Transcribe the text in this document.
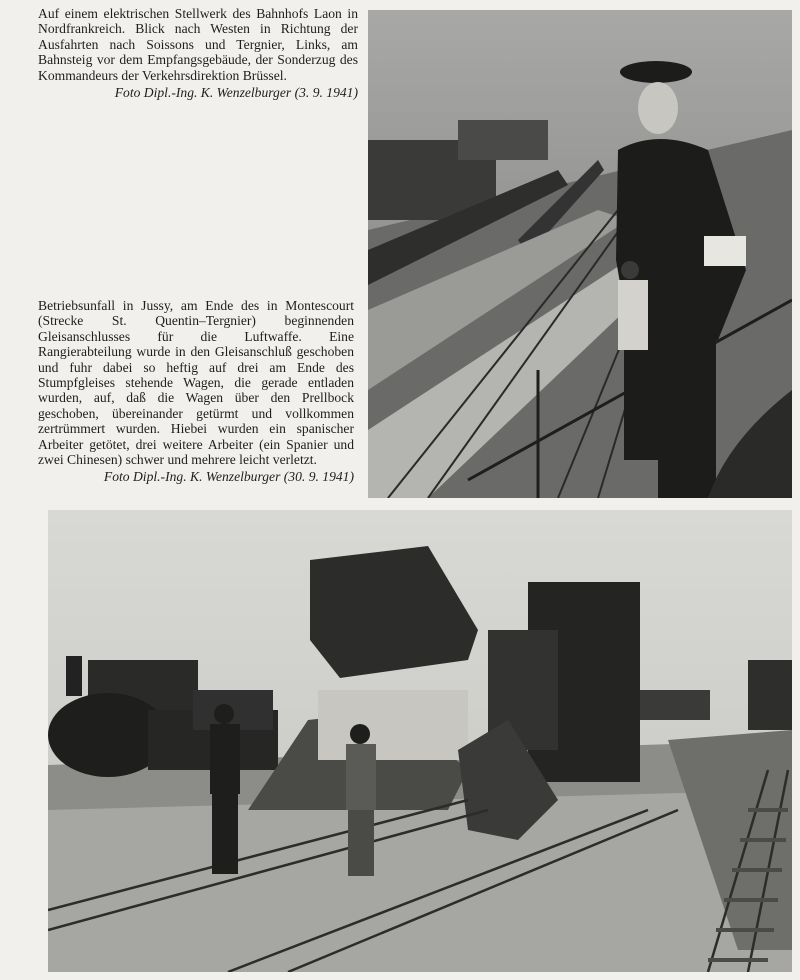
Auf einem elektrischen Stellwerk des Bahnhofs Laon in Nordfrankreich. Blick nach Westen in Richtung der Ausfahrten nach Soissons und Tergnier, Links, am Bahnsteig vor dem Empfangsgebäude, der Sonderzug des Kommandeurs der Verkehrsdirektion Brüssel.

Foto Dipl.-Ing. K. Wenzelburger (3. 9. 1941)

Betriebsunfall in Jussy, am Ende des in Montescourt (Strecke St. Quentin–Tergnier) beginnenden Gleisanschlusses für die Luftwaffe. Eine Rangierabteilung wurde in den Gleisanschluß geschoben und fuhr dabei so heftig auf drei am Ende des Stumpfgleises stehende Wagen, die gerade entladen wurden, auf, daß die Wagen über den Prellbock geschoben, übereinander getürmt und vollkommen zertrümmert wurden. Hiebei wurden ein spanischer Arbeiter getötet, drei weitere Arbeiter (ein Spanier und zwei Chinesen) schwer und mehrere leicht verletzt.

Foto Dipl.-Ing. K. Wenzelburger (30. 9. 1941)
